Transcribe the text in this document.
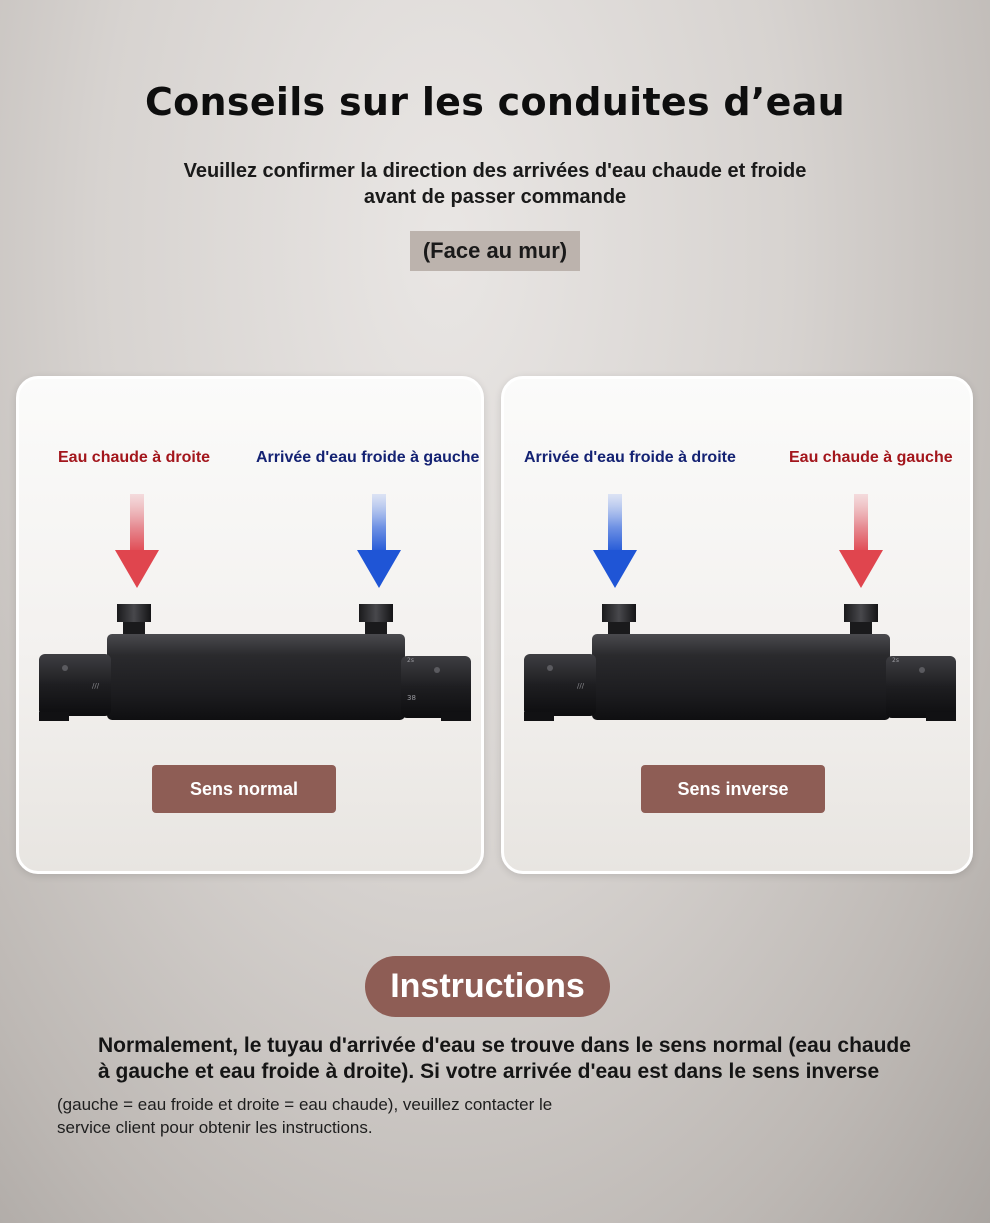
Conseils sur les conduites d’eau
Veuillez confirmer la direction des arrivées d'eau chaude et froide
avant de passer commande
(Face au mur)
Eau chaude à droite	Arrivée d'eau froide à gauche
///
2s
38
Sens normal
Arrivée d'eau froide à droite	Eau chaude à gauche
///
2s
Sens inverse
Instructions
Normalement, le tuyau d'arrivée d'eau se trouve dans le sens normal (eau chaude
à gauche et eau froide à droite). Si votre arrivée d'eau est dans le sens inverse
(gauche = eau froide et droite = eau chaude), veuillez contacter le
service client pour obtenir les instructions.
